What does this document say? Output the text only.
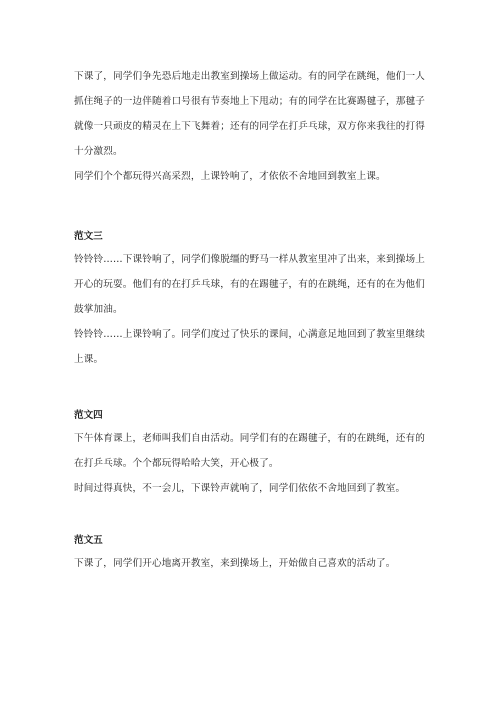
下课了，同学们争先恐后地走出教室到操场上做运动。有的同学在跳绳，他们一人抓住绳子的一边伴随着口号很有节奏地上下甩动；有的同学在比赛踢毽子，那毽子就像一只顽皮的精灵在上下飞舞着；还有的同学在打乒乓球，双方你来我往的打得十分激烈。

同学们个个都玩得兴高采烈，上课铃响了，才依依不舍地回到教室上课。

范文三

铃铃铃……下课铃响了，同学们像脱缰的野马一样从教室里冲了出来，来到操场上开心的玩耍。他们有的在打乒乓球，有的在踢毽子，有的在跳绳，还有的在为他们鼓掌加油。

铃铃铃……上课铃响了。同学们度过了快乐的课间，心满意足地回到了教室里继续上课。

范文四

下午体育课上，老师叫我们自由活动。同学们有的在踢毽子，有的在跳绳，还有的在打乒乓球。个个都玩得哈哈大笑，开心极了。

时间过得真快，不一会儿，下课铃声就响了，同学们依依不舍地回到了教室。

范文五

下课了，同学们开心地离开教室，来到操场上，开始做自己喜欢的活动了。
